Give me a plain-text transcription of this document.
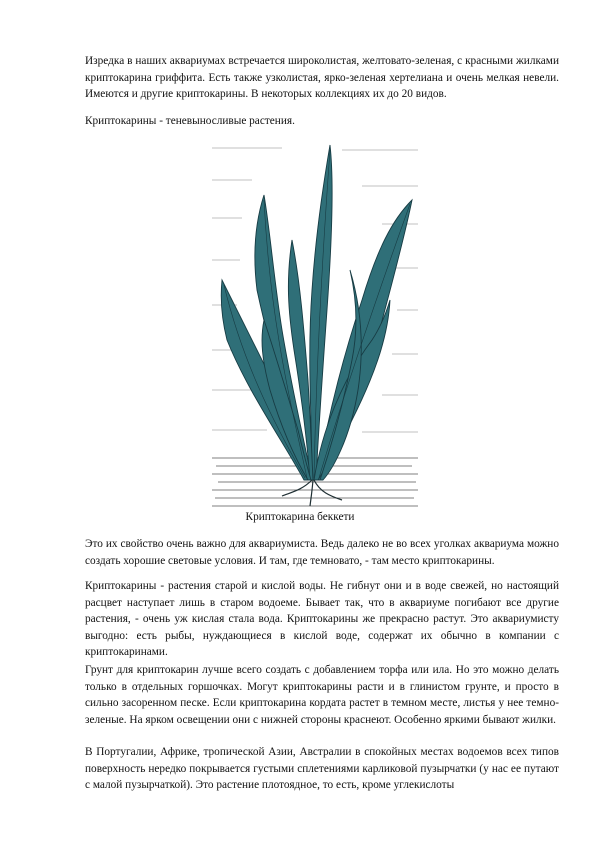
Изредка в наших аквариумах встречается широколистая, желтовато-зеленая, с красными жилками криптокарина гриффита. Есть также узколистая, ярко-зеленая хертелиана и очень мелкая невели. Имеются и другие криптокарины. В некоторых коллекциях их до 20 видов.

Криптокарины - теневыносливые растения.

Криптокарина беккети

Это их свойство очень важно для аквариумиста. Ведь далеко не во всех уголках аквариума можно создать хорошие световые условия. И там, где темновато, - там место криптокарины.

Криптокарины - растения старой и кислой воды. Не гибнут они и в воде свежей, но настоящий расцвет наступает лишь в старом водоеме. Бывает так, что в аквариуме погибают все другие растения, - очень уж кислая стала вода. Криптокарины же прекрасно растут. Это аквариумисту выгодно: есть рыбы, нуждающиеся в кислой воде, содержат их обычно в компании с криптокаринами.

Грунт для криптокарин лучше всего создать с добавлением торфа или ила. Но это можно делать только в отдельных горшочках. Могут криптокарины расти и в глинистом грунте, и просто в сильно засоренном песке. Если криптокарина кордата растет в темном месте, листья у нее темно-зеленые. На ярком освещении они с нижней стороны краснеют. Особенно яркими бывают жилки.

В Португалии, Африке, тропической Азии, Австралии в спокойных местах водоемов всех типов поверхность нередко покрывается густыми сплетениями карликовой пузырчатки (у нас ее путают с малой пузырчаткой). Это растение плотоядное, то есть, кроме углекислоты
